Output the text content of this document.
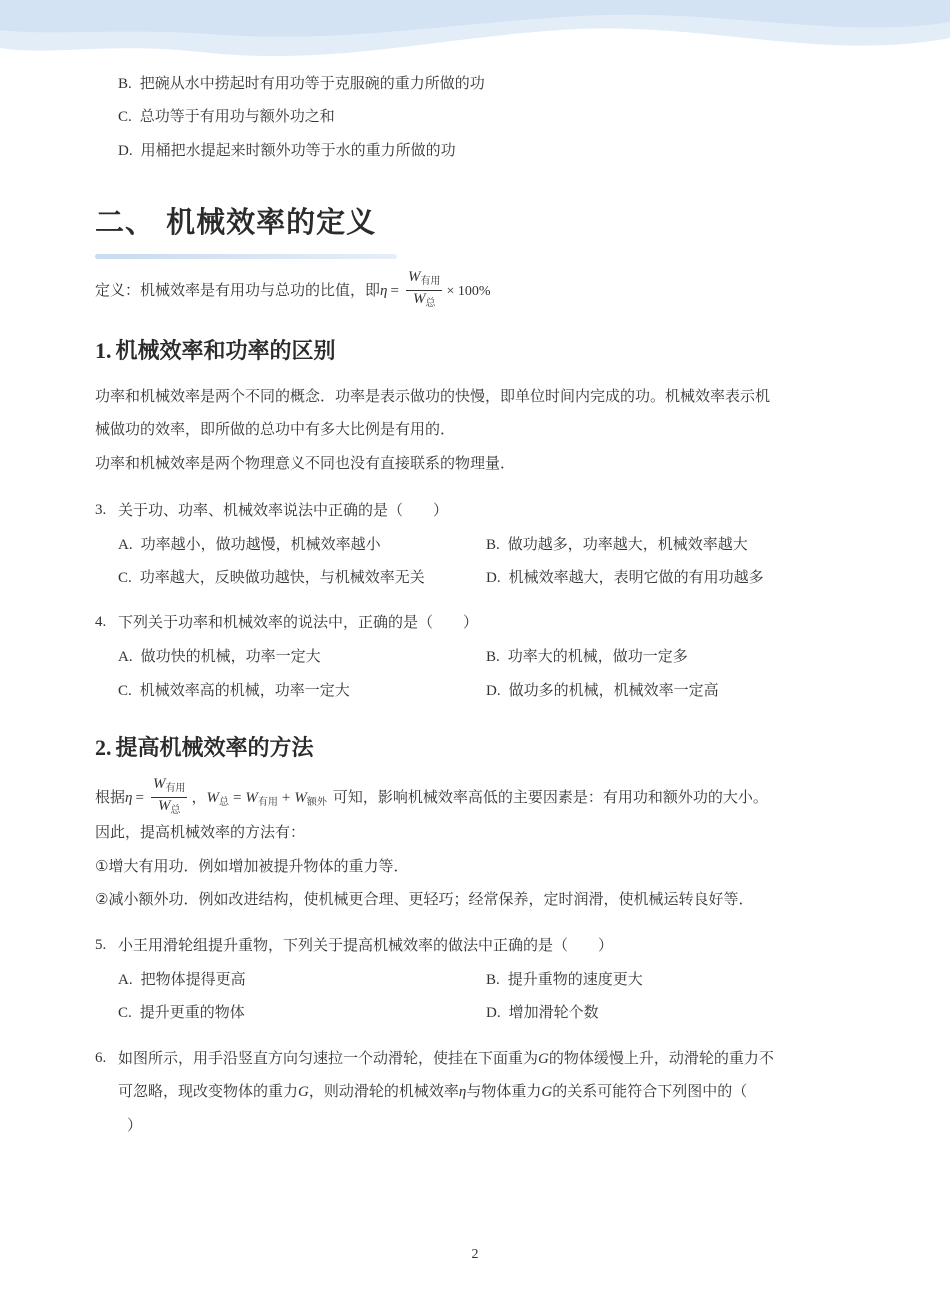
B. 把碗从水中捞起时有用功等于克服碗的重力所做的功
C. 总功等于有用功与额外功之和
D. 用桶把水提起来时额外功等于水的重力所做的功
二、 机械效率的定义
定义：机械效率是有用功与总功的比值，即$\eta = \frac{W_{有用}}{W_总} \times 100\%$
1. 机械效率和功率的区别
功率和机械效率是两个不同的概念．功率是表示做功的快慢，即单位时间内完成的功。机械效率表示机
械做功的效率，即所做的总功中有多大比例是有用的．
功率和机械效率是两个物理意义不同也没有直接联系的物理量．
3. 关于功、功率、机械效率说法中正确的是（　　）
A. 功率越小，做功越慢，机械效率越小	B. 做功越多，功率越大，机械效率越大
C. 功率越大，反映做功越快，与机械效率无关	D. 机械效率越大，表明它做的有用功越多
4. 下列关于功率和机械效率的说法中，正确的是（　　）
A. 做功快的机械，功率一定大	B. 功率大的机械，做功一定多
C. 机械效率高的机械，功率一定大	D. 做功多的机械，机械效率一定高
2. 提高机械效率的方法
根据$\eta = \frac{W_{有用}}{W_总}$ ，$W_总 = W_{有用} + W_{额外}$ 可知，影响机械效率高低的主要因素是：有用功和额外功的大小。
因此，提高机械效率的方法有：
①增大有用功．例如增加被提升物体的重力等．
②减小额外功．例如改进结构，使机械更合理、更轻巧；经常保养，定时润滑，使机械运转良好等．
5. 小王用滑轮组提升重物，下列关于提高机械效率的做法中正确的是（　　）
A. 把物体提得更高	B. 提升重物的速度更大
C. 提升更重的物体	D. 增加滑轮个数
6. 如图所示，用手沿竖直方向匀速拉一个动滑轮，使挂在下面重为G的物体缓慢上升，动滑轮的重力不
可忽略，现改变物体的重力G，则动滑轮的机械效率η与物体重力G的关系可能符合下列图中的（
）
2
